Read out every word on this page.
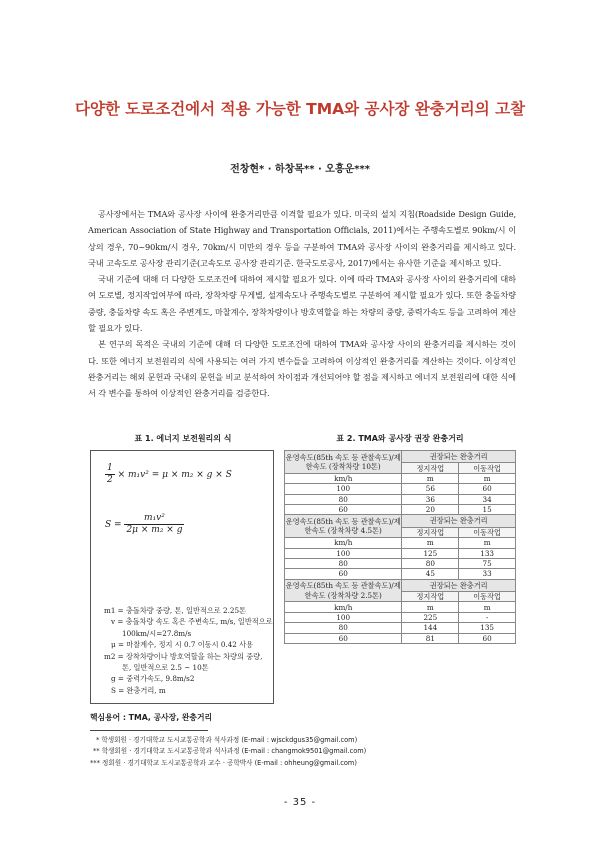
다양한 도로조건에서 적용 가능한 TMA와 공사장 완충거리의 고찰
전창현* · 하창목** · 오흥운***

공사장에서는 TMA와 공사장 사이에 완충거리만큼 이격할 필요가 있다. 미국의 설치 지침(Roadside Design Guide, American Association of State Highway and Transportation Officials, 2011)에서는 주행속도별로 90km/시 이상의 경우, 70~90km/시 경우, 70km/시 미만의 경우 등을 구분하여 TMA와 공사장 사이의 완충거리를 제시하고 있다. 국내 고속도로 공사장 관리기준(고속도로 공사장 관리기준. 한국도로공사, 2017)에서는 유사한 기준을 제시하고 있다.

국내 기준에 대해 더 다양한 도로조건에 대하여 제시할 필요가 있다. 이에 따라 TMA와 공사장 사이의 완충거리에 대하여 도로별, 정지작업여부에 따라, 장착차량 무게별, 설계속도나 주행속도별로 구분하여 제시할 필요가 있다. 또한 충돌차량 중량, 충돌차량 속도 혹은 주변계도, 마찰계수, 장착차량이나 방호역할을 하는 차량의 중량, 중력가속도 등을 고려하여 계산할 필요가 있다.

본 연구의 목적은 국내의 기준에 대해 더 다양한 도로조건에 대하여 TMA와 공사장 사이의 완충거리를 제시하는 것이다. 또한 에너지 보전원리의 식에 사용되는 여러 가지 변수들을 고려하여 이상적인 완충거리를 계산하는 것이다. 이상적인 완충거리는 해외 문헌과 국내의 문헌을 비교 분석하여 차이점과 개선되어야 할 점을 제시하고 에너지 보전원리에 대한 식에서 각 변수를 통하여 이상적인 완충거리를 검증한다.

표 1. 에너지 보전원리의 식	표 2. TMA와 공사장 권장 완충거리
$\frac{1}{2} \times m_1v^2 = \mu \times m_2 \times g \times S$
$S = \frac{\text{m₁v²}}{\text{2μ × m₂ × g}}$
m1 = 충돌차량 중량, 톤, 일반적으로 2.25톤
v = 충돌차량 속도 혹은 주변속도, m/s, 일반적으로
100km/시=27.8m/s
μ = 마찰계수, 정지 시 0.7 이동시 0.42 사용
m2 = 장착차량이나 방호역할을 하는 차량의 중량,
톤, 일반적으로 2.5 ~ 10톤
g = 중력가속도, 9.8m/s2
S = 완충거리, m
운영속도(85th 속도 등 관찰속도)/제한속도 (장착차량 10톤)	권장되는 완충거리	
	정지작업	이동작업
km/h	m	m
100	56	60
80	36	34
60	20	15
운영속도(85th 속도 등 관찰속도)/제한속도 (장착차량 4.5톤)	권장되는 완충거리	
	정지작업	이동작업
km/h	m	m
100	125	133
80	80	75
60	45	33
운영속도(85th 속도 등 관찰속도)/제한속도 (장착차량 2.5톤)	권장되는 완충거리	
	정지작업	이동작업
km/h	m	m
100	225	-
80	144	135
60	81	60
핵심용어 : TMA, 공사장, 완충거리
* 학생회원 · 경기대학교 도시교통공학과 석사과정 (E-mail : wjsckdgus35@gmail.com)
** 학생회원 · 경기대학교 도시교통공학과 석사과정 (E-mail : changmok9501@gmail.com)
*** 정회원 · 경기대학교 도시교통공학과 교수 · 공학박사 (E-mail : ohheung@gmail.com)
- 35 -
